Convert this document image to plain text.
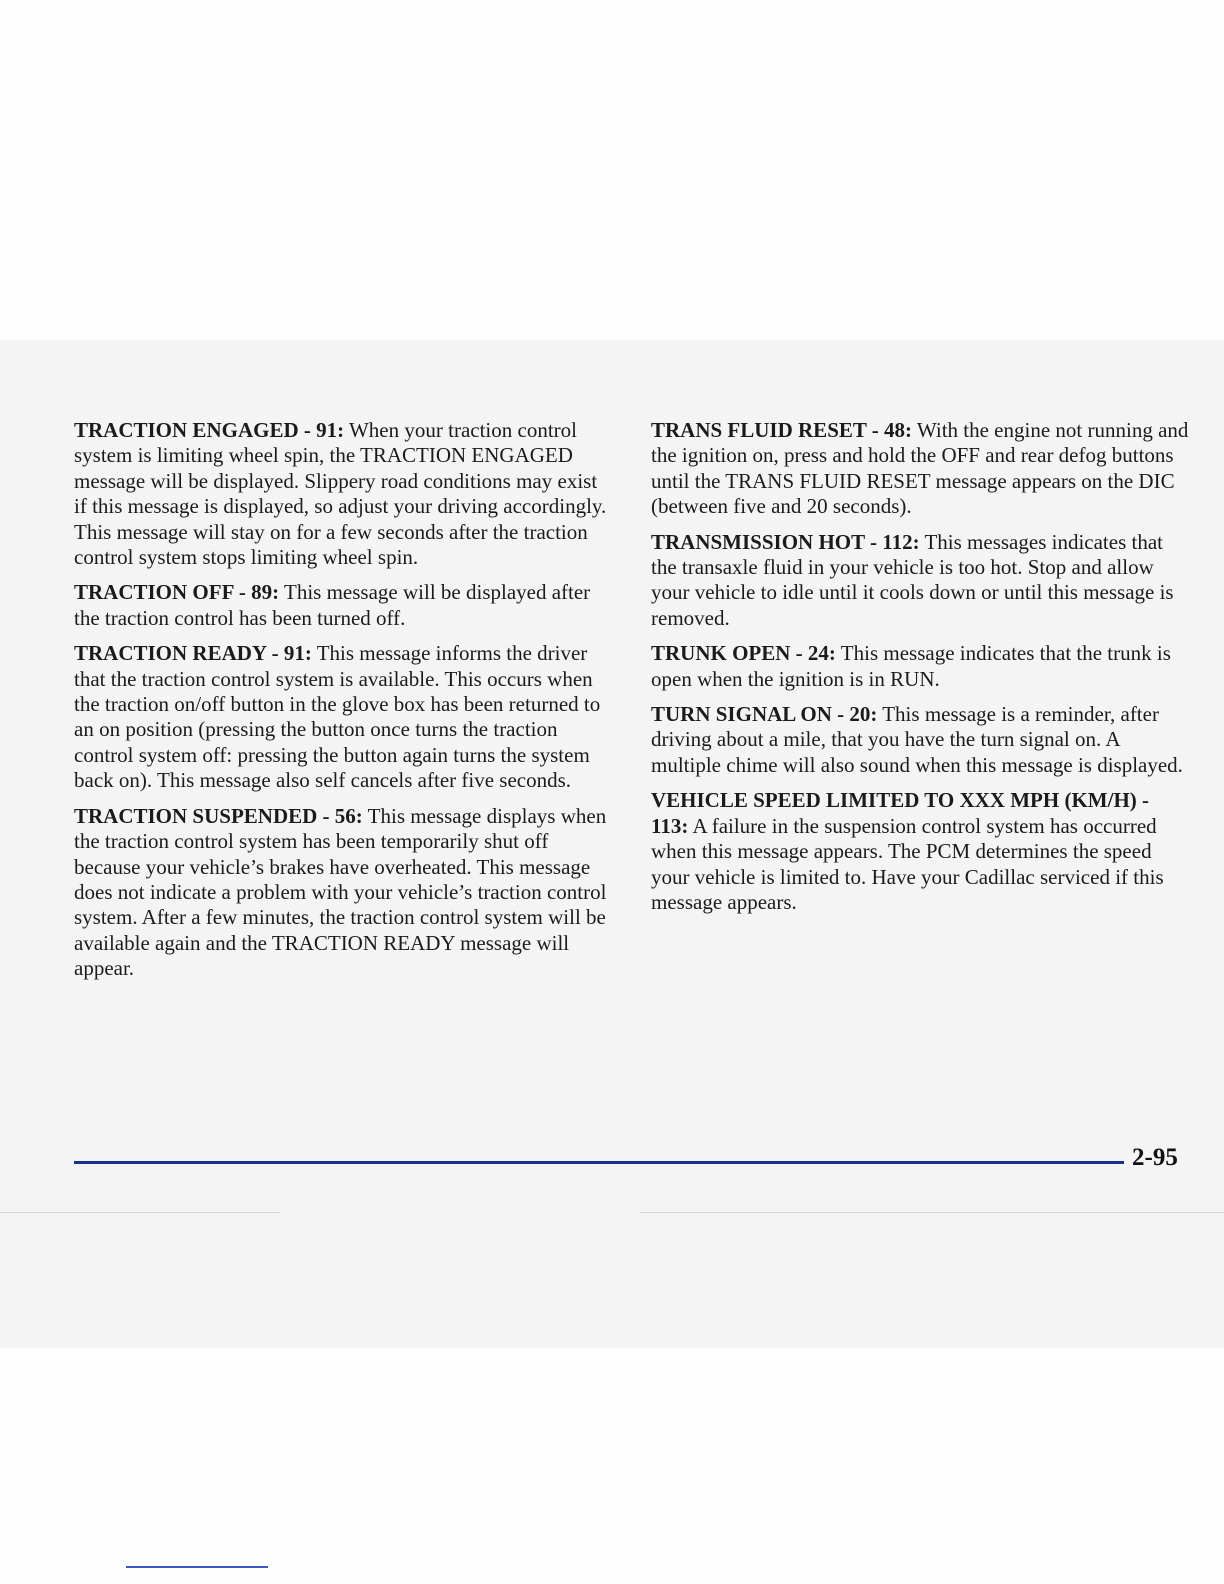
TRACTION ENGAGED - 91: When your traction control system is limiting wheel spin, the TRACTION ENGAGED message will be displayed. Slippery road conditions may exist if this message is displayed, so adjust your driving accordingly. This message will stay on for a few seconds after the traction control system stops limiting wheel spin.

TRACTION OFF - 89: This message will be displayed after the traction control has been turned off.

TRACTION READY - 91: This message informs the driver that the traction control system is available. This occurs when the traction on/off button in the glove box has been returned to an on position (pressing the button once turns the traction control system off: pressing the button again turns the system back on). This message also self cancels after five seconds.

TRACTION SUSPENDED - 56: This message displays when the traction control system has been temporarily shut off because your vehicle’s brakes have overheated. This message does not indicate a problem with your vehicle’s traction control system. After a few minutes, the traction control system will be available again and the TRACTION READY message will appear.

TRANS FLUID RESET - 48: With the engine not running and the ignition on, press and hold the OFF and rear defog buttons until the TRANS FLUID RESET message appears on the DIC (between five and 20 seconds).

TRANSMISSION HOT - 112: This messages indicates that the transaxle fluid in your vehicle is too hot. Stop and allow your vehicle to idle until it cools down or until this message is removed.

TRUNK OPEN - 24: This message indicates that the trunk is open when the ignition is in RUN.

TURN SIGNAL ON - 20: This message is a reminder, after driving about a mile, that you have the turn signal on. A multiple chime will also sound when this message is displayed.

VEHICLE SPEED LIMITED TO XXX MPH (KM/H) - 113: A failure in the suspension control system has occurred when this message appears. The PCM determines the speed your vehicle is limited to. Have your Cadillac serviced if this message appears.

2-95
